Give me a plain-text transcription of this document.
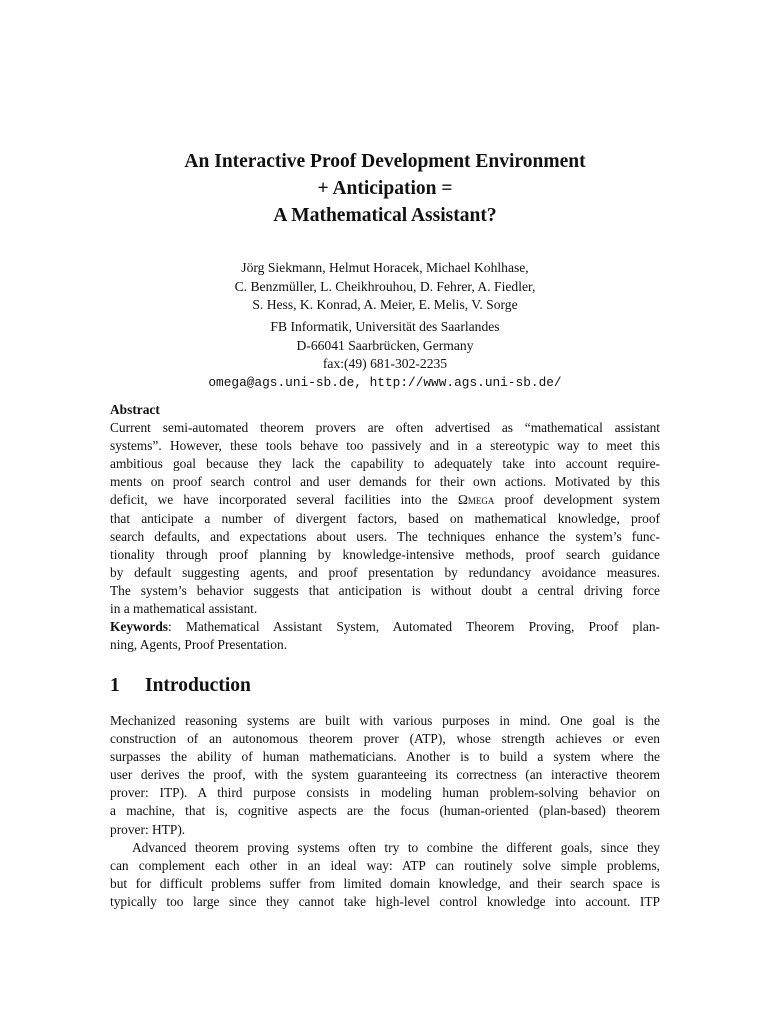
An Interactive Proof Development Environment
+ Anticipation =
A Mathematical Assistant?
Jörg Siekmann, Helmut Horacek, Michael Kohlhase,
C. Benzmüller, L. Cheikhrouhou, D. Fehrer, A. Fiedler,
S. Hess, K. Konrad, A. Meier, E. Melis, V. Sorge
FB Informatik, Universität des Saarlandes
D-66041 Saarbrücken, Germany
fax:(49) 681-302-2235
omega@ags.uni-sb.de, http://www.ags.uni-sb.de/
Abstract
Current semi-automated theorem provers are often advertised as “mathematical assistant
systems”. However, these tools behave too passively and in a stereotypic way to meet this
ambitious goal because they lack the capability to adequately take into account require-
ments on proof search control and user demands for their own actions. Motivated by this
deficit, we have incorporated several facilities into the Ωmega proof development system
that anticipate a number of divergent factors, based on mathematical knowledge, proof
search defaults, and expectations about users. The techniques enhance the system’s func-
tionality through proof planning by knowledge-intensive methods, proof search guidance
by default suggesting agents, and proof presentation by redundancy avoidance measures.
The system’s behavior suggests that anticipation is without doubt a central driving force
in a mathematical assistant.
Keywords: Mathematical Assistant System, Automated Theorem Proving, Proof plan-
ning, Agents, Proof Presentation.
1 Introduction
Mechanized reasoning systems are built with various purposes in mind. One goal is the
construction of an autonomous theorem prover (ATP), whose strength achieves or even
surpasses the ability of human mathematicians. Another is to build a system where the
user derives the proof, with the system guaranteeing its correctness (an interactive theorem
prover: ITP). A third purpose consists in modeling human problem-solving behavior on
a machine, that is, cognitive aspects are the focus (human-oriented (plan-based) theorem
prover: HTP).
Advanced theorem proving systems often try to combine the different goals, since they
can complement each other in an ideal way: ATP can routinely solve simple problems,
but for difficult problems suffer from limited domain knowledge, and their search space is
typically too large since they cannot take high-level control knowledge into account. ITP
